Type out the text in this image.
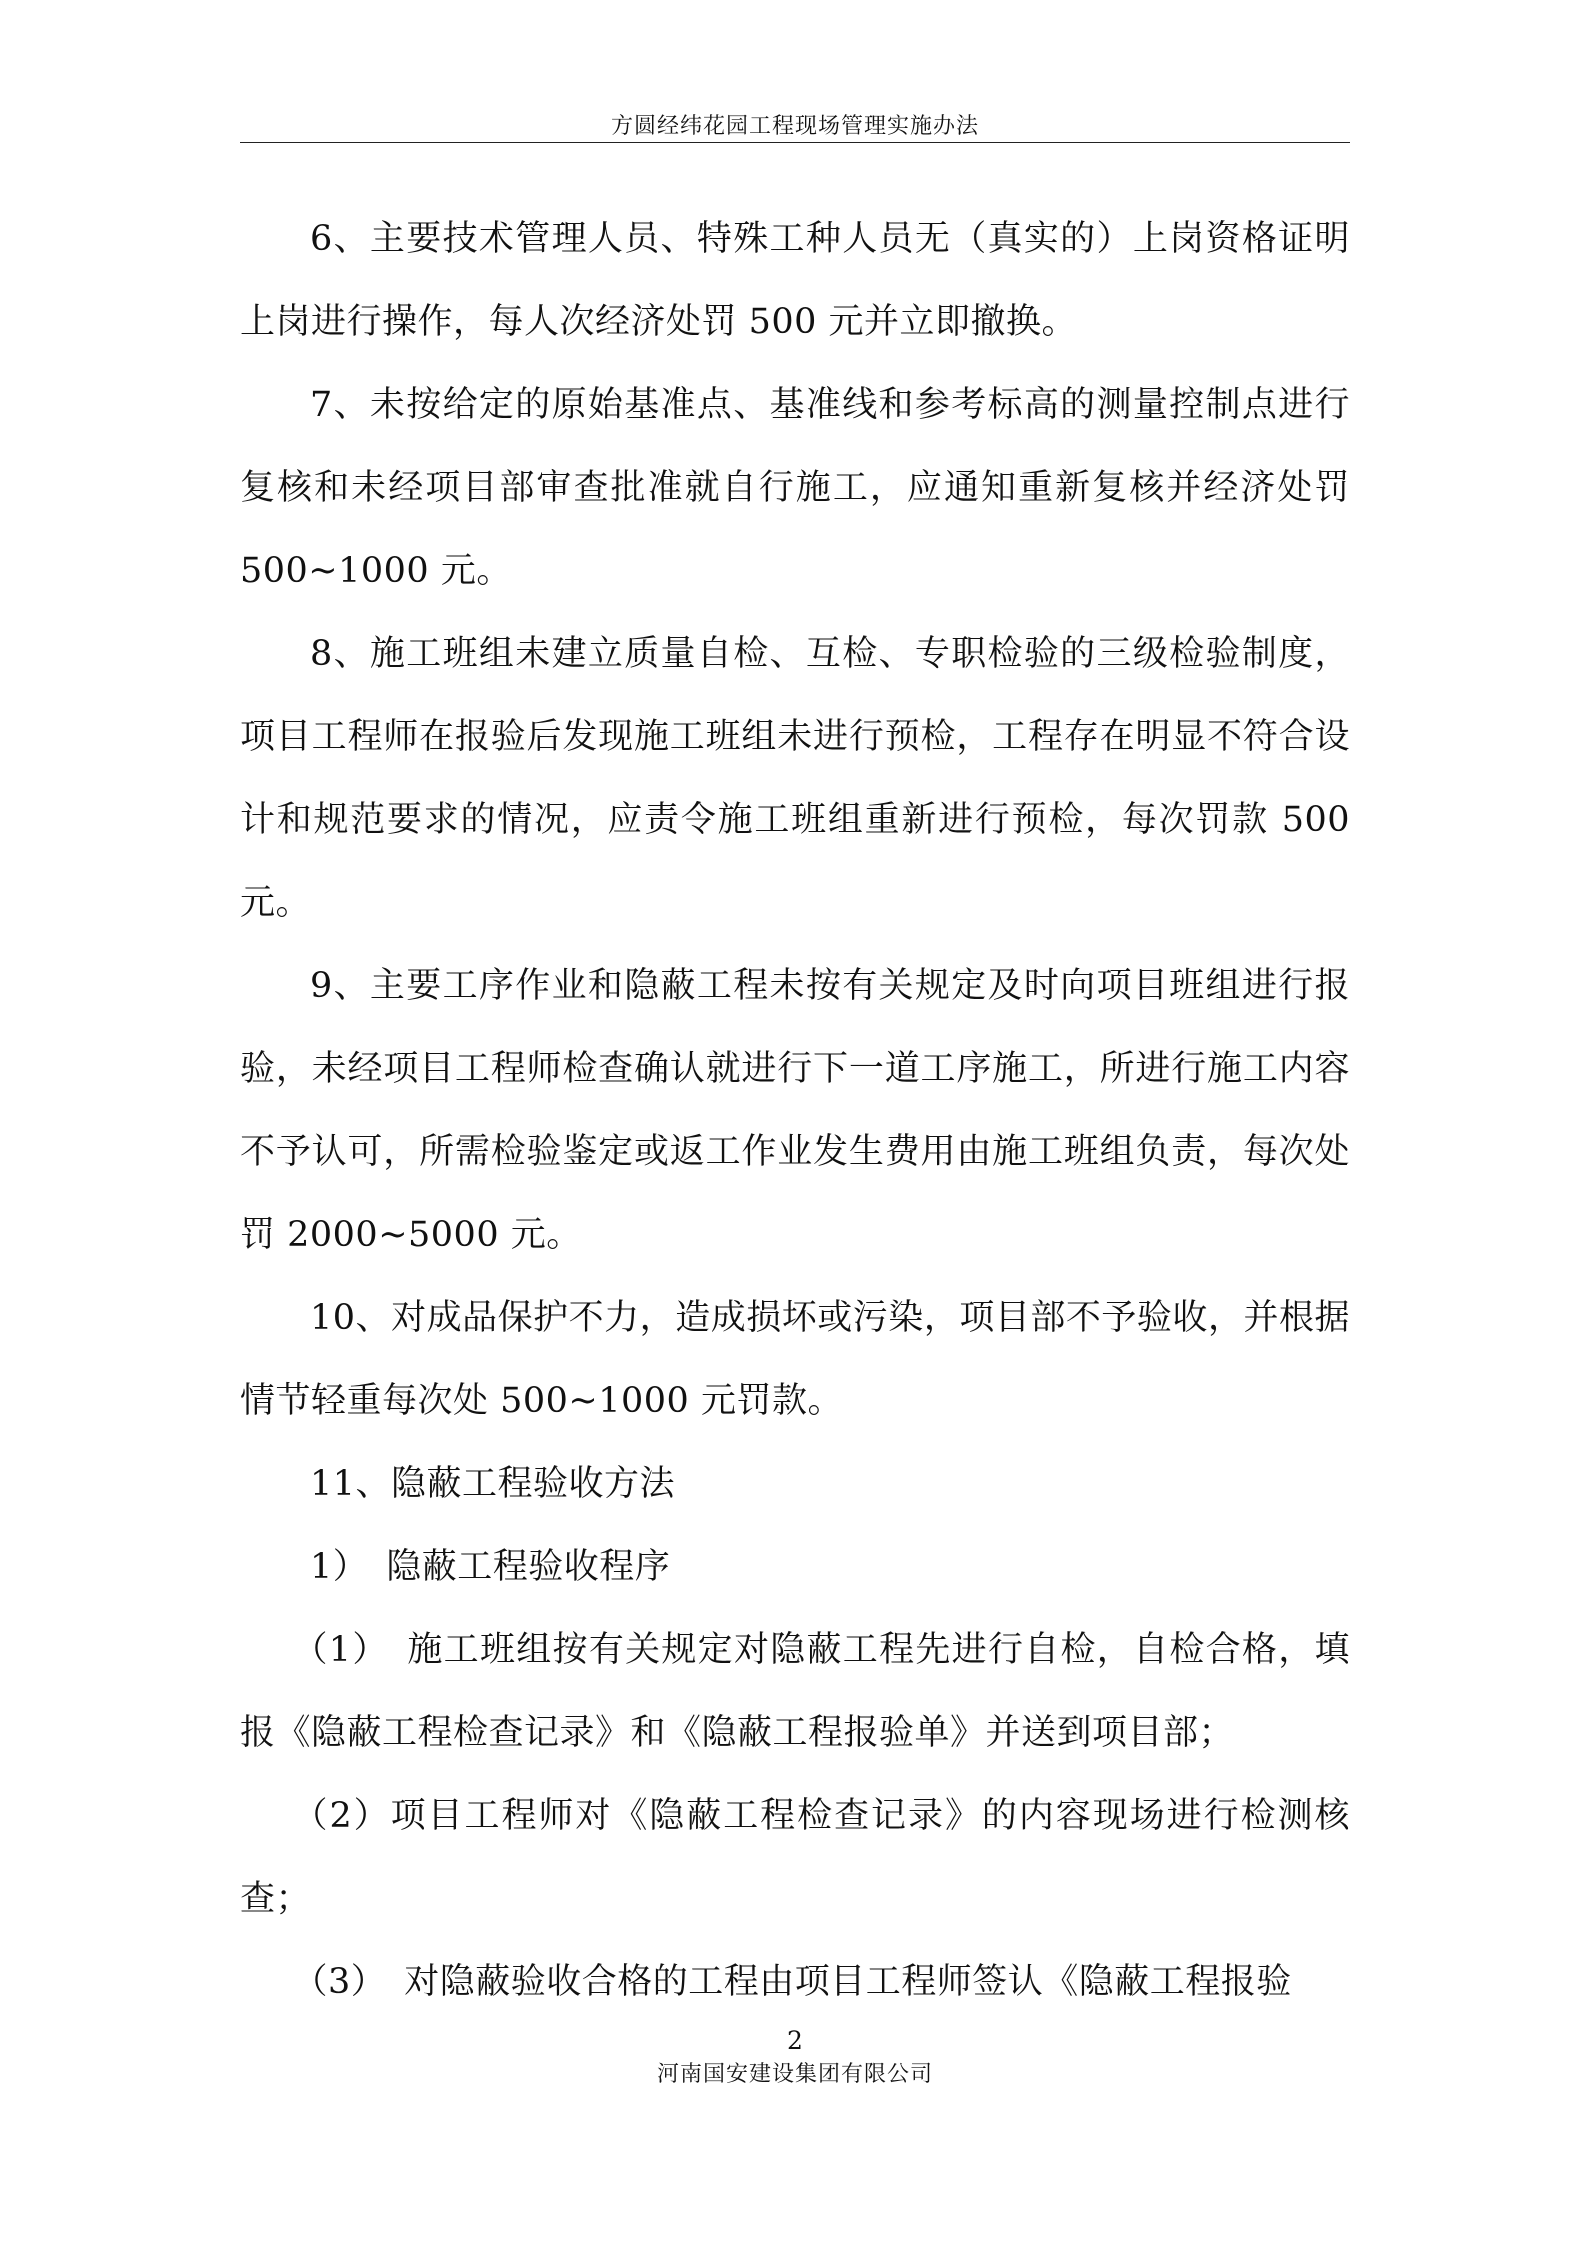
方圆经纬花园工程现场管理实施办法

6、主要技术管理人员、特殊工种人员无（真实的）上岗资格证明上岗进行操作，每人次经济处罚 500 元并立即撤换。

7、未按给定的原始基准点、基准线和参考标高的测量控制点进行复核和未经项目部审查批准就自行施工，应通知重新复核并经济处罚 500~1000 元。

8、施工班组未建立质量自检、互检、专职检验的三级检验制度，项目工程师在报验后发现施工班组未进行预检，工程存在明显不符合设计和规范要求的情况，应责令施工班组重新进行预检，每次罚款 500 元。

9、主要工序作业和隐蔽工程未按有关规定及时向项目班组进行报验，未经项目工程师检查确认就进行下一道工序施工，所进行施工内容不予认可，所需检验鉴定或返工作业发生费用由施工班组负责，每次处罚 2000~5000 元。

10、对成品保护不力，造成损坏或污染，项目部不予验收，并根据情节轻重每次处 500~1000 元罚款。

11、隐蔽工程验收方法

1）　隐蔽工程验收程序

（1）　施工班组按有关规定对隐蔽工程先进行自检，自检合格，填报《隐蔽工程检查记录》和《隐蔽工程报验单》并送到项目部；

（2）项目工程师对《隐蔽工程检查记录》的内容现场进行检测核查；

（3）　对隐蔽验收合格的工程由项目工程师签认《隐蔽工程报验

2
河南国安建设集团有限公司
